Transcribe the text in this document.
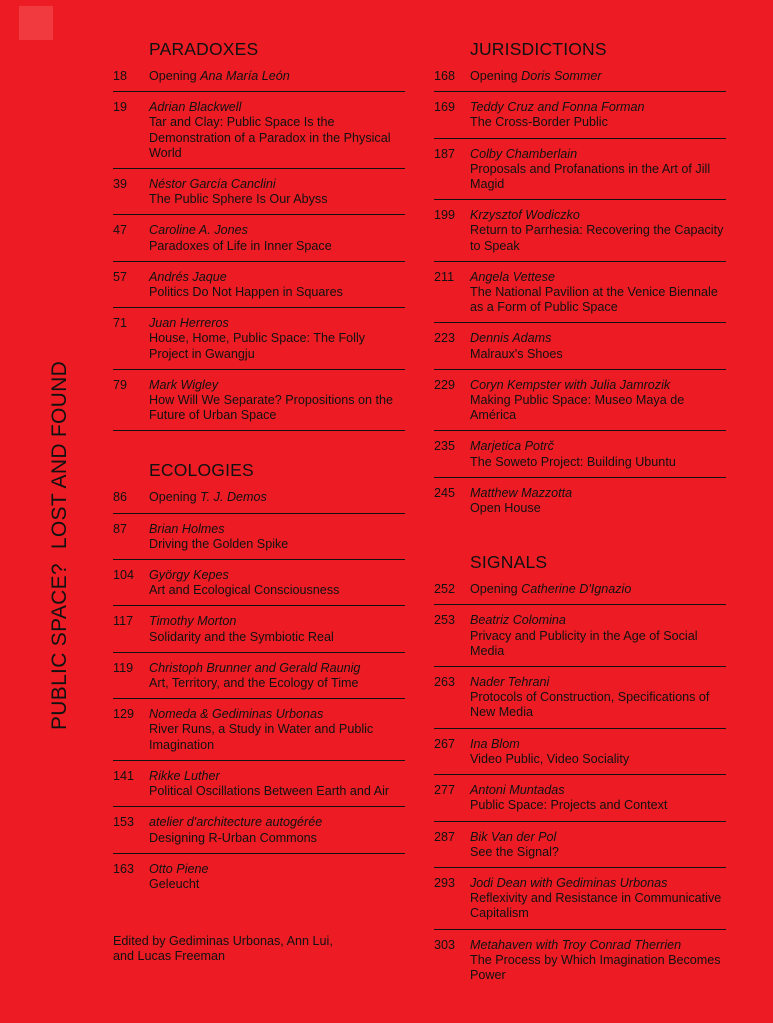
PUBLIC SPACE?LOST AND FOUND
PARADOXES
18	Opening Ana María León
19	Adrian Blackwell
Tar and Clay: Public Space Is the Demonstration of a Paradox in the Physical World
39	Néstor García Canclini
The Public Sphere Is Our Abyss
47	Caroline A. Jones
Paradoxes of Life in Inner Space
57	Andrés Jaque
Politics Do Not Happen in Squares
71	Juan Herreros
House, Home, Public Space: The Folly Project in Gwangju
79	Mark Wigley
How Will We Separate? Propositions on the Future of Urban Space
ECOLOGIES
86	Opening T. J. Demos
87	Brian Holmes
Driving the Golden Spike
104	György Kepes
Art and Ecological Consciousness
117	Timothy Morton
Solidarity and the Symbiotic Real
119	Christoph Brunner and Gerald Raunig
Art, Territory, and the Ecology of Time
129	Nomeda & Gediminas Urbonas
River Runs, a Study in Water and Public Imagination
141	Rikke Luther
Political Oscillations Between Earth and Air
153	atelier d'architecture autogérée
Designing R-Urban Commons
163	Otto Piene
Geleucht
JURISDICTIONS
168	Opening Doris Sommer
169	Teddy Cruz and Fonna Forman
The Cross-Border Public
187	Colby Chamberlain
Proposals and Profanations in the Art of Jill Magid
199	Krzysztof Wodiczko
Return to Parrhesia: Recovering the Capacity to Speak
211	Angela Vettese
The National Pavilion at the Venice Biennale as a Form of Public Space
223	Dennis Adams
Malraux's Shoes
229	Coryn Kempster with Julia Jamrozik
Making Public Space: Museo Maya de América
235	Marjetica Potrč
The Soweto Project: Building Ubuntu
245	Matthew Mazzotta
Open House
SIGNALS
252	Opening Catherine D'Ignazio
253	Beatriz Colomina
Privacy and Publicity in the Age of Social Media
263	Nader Tehrani
Protocols of Construction, Specifications of New Media
267	Ina Blom
Video Public, Video Sociality
277	Antoni Muntadas
Public Space: Projects and Context
287	Bik Van der Pol
See the Signal?
293	Jodi Dean with Gediminas Urbonas
Reflexivity and Resistance in Communicative Capitalism
303	Metahaven with Troy Conrad Therrien
The Process by Which Imagination Becomes Power
Edited by Gediminas Urbonas, Ann Lui, and Lucas Freeman
